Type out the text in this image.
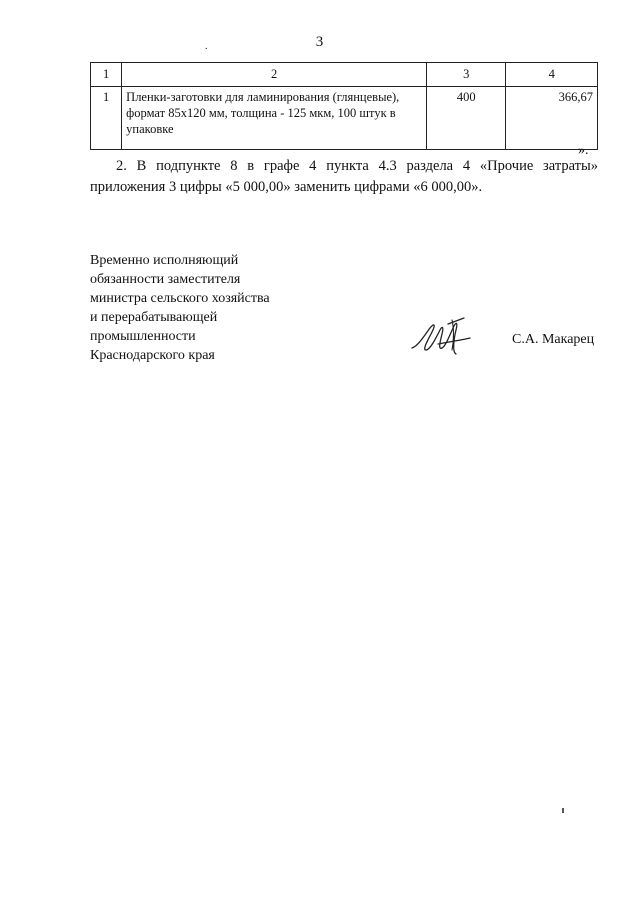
3
.
1	2	3	4
1	Пленки-заготовки для ламинирования (глянцевые), формат 85х120 мм, толщина - 125 мкм, 100 штук в упаковке	400	366,67
».
2. В подпункте 8 в графе 4 пункта 4.3 раздела 4 «Прочие затраты» приложения 3 цифры «5 000,00» заменить цифрами «6 000,00».
Временно исполняющий
обязанности заместителя
министра сельского хозяйства
и перерабатывающей
промышленности
Краснодарского края
С.А. Макарец
